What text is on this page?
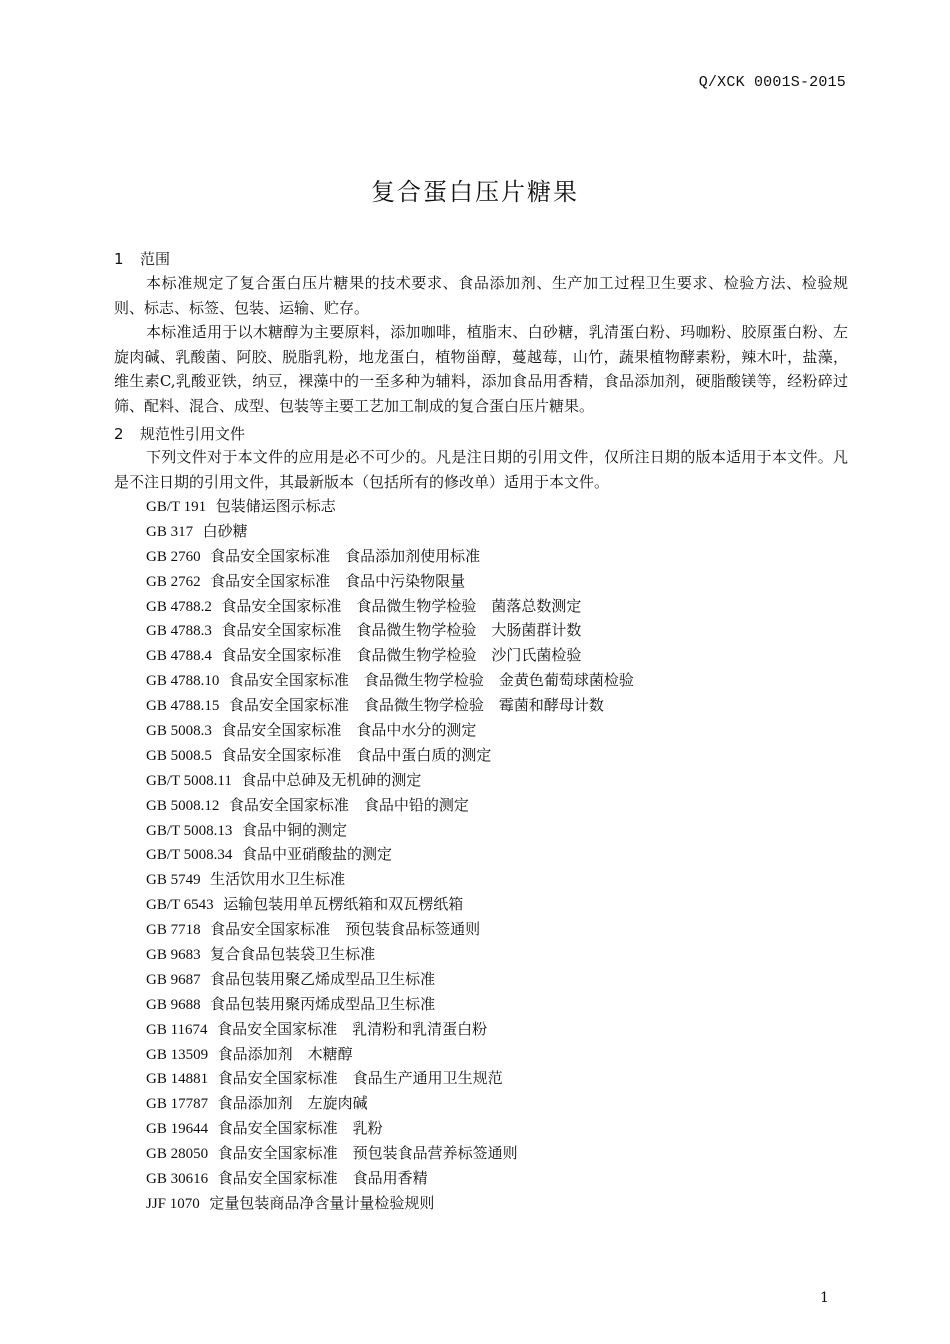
Q/XCK 0001S-2015
复合蛋白压片糖果
1 范围
本标准规定了复合蛋白压片糖果的技术要求、食品添加剂、生产加工过程卫生要求、检验方法、检验规则、标志、标签、包装、运输、贮存。
本标准适用于以木糖醇为主要原料，添加咖啡，植脂末、白砂糖，乳清蛋白粉、玛咖粉、胶原蛋白粉、左旋肉碱、乳酸菌、阿胶、脱脂乳粉，地龙蛋白，植物甾醇，蔓越莓，山竹，蔬果植物酵素粉，辣木叶，盐藻，维生素C,乳酸亚铁，纳豆，裸藻中的一至多种为辅料，添加食品用香精，食品添加剂，硬脂酸镁等，经粉碎过筛、配料、混合、成型、包装等主要工艺加工制成的复合蛋白压片糖果。
2 规范性引用文件
下列文件对于本文件的应用是必不可少的。凡是注日期的引用文件，仅所注日期的版本适用于本文件。凡是不注日期的引用文件，其最新版本（包括所有的修改单）适用于本文件。
GB/T 191 包装储运图示标志
GB 317 白砂糖
GB 2760 食品安全国家标准　食品添加剂使用标准
GB 2762 食品安全国家标准　食品中污染物限量
GB 4788.2 食品安全国家标准　食品微生物学检验　菌落总数测定
GB 4788.3 食品安全国家标准　食品微生物学检验　大肠菌群计数
GB 4788.4 食品安全国家标准　食品微生物学检验　沙门氏菌检验
GB 4788.10 食品安全国家标准　食品微生物学检验　金黄色葡萄球菌检验
GB 4788.15 食品安全国家标准　食品微生物学检验　霉菌和酵母计数
GB 5008.3 食品安全国家标准　食品中水分的测定
GB 5008.5 食品安全国家标准　食品中蛋白质的测定
GB/T 5008.11 食品中总砷及无机砷的测定
GB 5008.12 食品安全国家标准　食品中铅的测定
GB/T 5008.13 食品中铜的测定
GB/T 5008.34 食品中亚硝酸盐的测定
GB 5749 生活饮用水卫生标准
GB/T 6543 运输包装用单瓦楞纸箱和双瓦楞纸箱
GB 7718 食品安全国家标准　预包装食品标签通则
GB 9683 复合食品包装袋卫生标准
GB 9687 食品包装用聚乙烯成型品卫生标准
GB 9688 食品包装用聚丙烯成型品卫生标准
GB 11674 食品安全国家标准　乳清粉和乳清蛋白粉
GB 13509 食品添加剂　木糖醇
GB 14881 食品安全国家标准　食品生产通用卫生规范
GB 17787 食品添加剂　左旋肉碱
GB 19644 食品安全国家标准　乳粉
GB 28050 食品安全国家标准　预包装食品营养标签通则
GB 30616 食品安全国家标准　食品用香精
JJF 1070 定量包装商品净含量计量检验规则
1
